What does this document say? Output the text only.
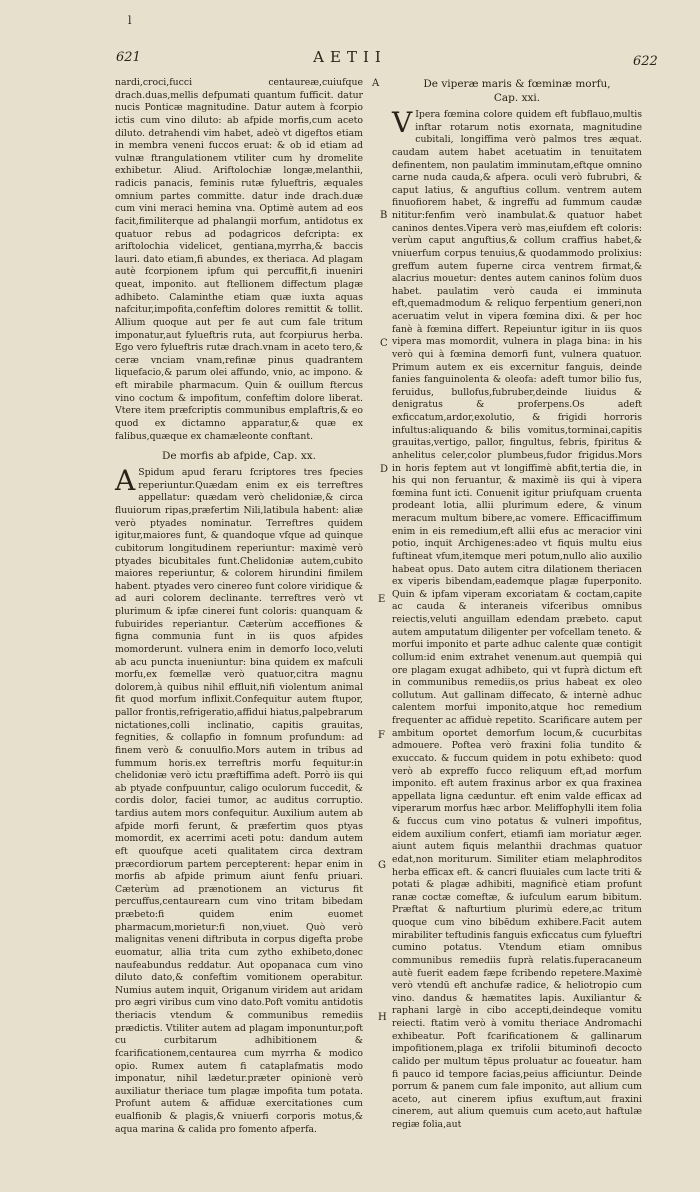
l
621	AETII	622
A
B
C
D
E
F
G
H

nardi,croci,fucci centaureæ,cuiufque drach.duas,mellis defpumati quantum fufficit. datur nucis Ponticæ magnitudine. Datur autem à fcorpio ictis cum vino diluto: ab afpide morfis,cum aceto diluto. detrahendi vim habet, adeò vt digeftos etiam in membra veneni fuccos eruat: & ob id etiam ad vulnæ ftrangulationem vtiliter cum hy dromelite exhibetur. Aliud. Ariftolochiæ longæ,melanthii, radicis panacis, feminis rutæ fylueftris, æquales omnium partes committe. datur inde drach.duæ cum vini meraci hemina vna. Optimè autem ad eos facit,fimiliterque ad phalangii morfum, antidotus ex quatuor rebus ad podagricos defcripta: ex ariftolochia videlicet, gentiana,myrrha,& baccis lauri. dato etiam,fi abundes, ex theriaca. Ad plagam autè fcorpionem ipfum qui percuffit,fi inueniri queat, imponito. aut ftellionem diffectum plagæ adhibeto. Calaminthe etiam quæ iuxta aquas nafcitur,impofita,confeftim dolores remittit & tollit. Allium quoque aut per fe aut cum fale tritum imponatur,aut fylueftris ruta, aut fcorpiurus herba. Ego vero fylueftris rutæ drach.vnam in aceto tero,& ceræ vnciam vnam,refinæ pinus quadrantem liquefacio,& parum olei affundo, vnio, ac impono. & eft mirabile pharmacum. Quin & ouillum ftercus vino coctum & impofitum, confeftim dolore liberat. Vtere item præfcriptis communibus emplaftris,& eo quod ex dictamno apparatur,& quæ ex falibus,quæque ex chamæleonte conftant.

De morfis ab afpide, Cap. xx.

A Spidum apud feraru fcriptores tres fpecies reperiuntur.Quædam enim ex eis terreftres appellatur: quædam verò chelidoniæ,& circa fluuiorum ripas,præfertim Nili,latibula habent: aliæ verò ptyades nominatur. Terreftres quidem igitur,maiores funt, & quandoque vfque ad quinque cubitorum longitudinem reperiuntur: maximè verò ptyades bicubitales funt.Chelidoniæ autem,cubito maiores reperiuntur, & colorem hirundini fimilem habent. ptyades vero cinereo funt colore viridique & ad auri colorem declinante. terreftres verò vt plurimum & ipfæ cinerei funt coloris: quanquam & fubuirides reperiantur. Cæterùm acceffiones & figna communia funt in iis quos afpides momorderunt. vulnera enim in demorfo loco,veluti ab acu puncta inueniuntur: bina quidem ex mafculi morfu,ex fœmellæ verò quatuor,citra magnu dolorem,à quibus nihil effluit,nifi violentum animal fit quod morfum inflixit.Confequitur autem ftupor, pallor frontis,refrigeratio,affidui hiatus,palpebrarum nictationes,colli inclinatio, capitis grauitas, fegnities, & collapfio in fomnum profundum: ad finem verò & conuulfio.Mors autem in tribus ad fummum horis.ex terreftris morfu fequitur:in chelidoniæ verò ictu præftiffima adeft. Porrò iis qui ab ptyade confpuuntur, caligo oculorum fuccedit, & cordis dolor, faciei tumor, ac auditus corruptio. tardius autem mors confequitur. Auxilium autem ab afpide morfi ferunt, & præfertim quos ptyas momordit, ex acerrimi aceti potu: dandum autem eft quoufque aceti qualitatem circa dextram præcordiorum partem percepterent: hepar enim in morfis ab afpide primum aiunt fenfu priuari. Cæterùm ad prænotionem an victurus fit percuffus,centaurearn cum vino tritam bibedam præbeto:fi quidem enim euomet pharmacum,morietur:fi non,viuet. Quò verò malignitas veneni diftributa in corpus digefta probe euomatur, allia trita cum zytho exhibeto,donec naufeabundus reddatur. Aut opopanaca cum vino diluto dato,& confeftim vomitionem operabitur. Numius autem inquit, Origanum viridem aut aridam pro ægri viribus cum vino dato.Poft vomitu antidotis theriacis vtendum & communibus remediis prædictis. Vtiliter autem ad plagam imponuntur,poft cu curbitarum adhibitionem & fcarificationem,centaurea cum myrrha & modico opio. Rumex autem fi cataplafmatis modo imponatur, nihil lædetur.præter opinionè verò auxiliatur theriace tum plagæ impofita tum potata. Profunt autem & affiduæ exercitationes cum eualfionib & plagis,& vniuerfi corporis motus,& aqua marina & calida pro fomento afperfa.

De viperæ maris & fœminæ morfu,
Cap. xxi.

V Ipera fœmina colore quidem eft fubflauo,multis inftar rotarum notis exornata, magnitudine cubitali, longiffima verò palmos tres æquat. caudam autem habet acetuatim in tenuitatem definentem, non paulatim imminutam,eftque omnino carne nuda cauda,& afpera. oculi verò fubrubri, & caput latius, & anguftius collum. ventrem autem finuofiorem habet, & ingreffu ad fummum caudæ nititur:fenfim verò inambulat.& quatuor habet caninos dentes.Vipera verò mas,eiufdem eft coloris: verùm caput anguftius,& collum craffius habet,& vniuerfum corpus tenuius,& quodammodo prolixius: greffum autem fuperne circa ventrem firmat,& alacrius mouetur: dentes autem caninos folùm duos habet. paulatim verò cauda ei imminuta eft,quemadmodum & reliquo ferpentium generi,non aceruatim velut in vipera fœmina dixi. & per hoc fanè à fœmina differt. Repeiuntur igitur in iis quos vipera mas momordit, vulnera in plaga bina: in his verò qui à fœmina demorfi funt, vulnera quatuor. Primum autem ex eis excernitur fanguis, deinde fanies fanguinolenta & oleofa: adeft tumor bilio fus, feruidus, bullofus,fubruber,deinde liuidus & denigratus & proferpens.Os adeft exficcatum,ardor,exolutio, & frigidi horroris infultus:aliquando & bilis vomitus,torminai,capitis grauitas,vertigo, pallor, fingultus, febris, fpiritus & anhelitus celer,color plumbeus,fudor frigidus.Mors in horis feptem aut vt longiffimè abfit,tertia die, in his qui non feruantur, & maximè iis qui à vipera fœmina funt icti. Conuenit igitur priufquam cruenta prodeant lotia, allii plurimum edere, & vinum meracum multum bibere,ac vomere. Efficaciffimum enim in eis remedium,eft allii efus ac meracior vini potio, inquit Archigenes:adeo vt fiquis multu eius fuftineat vfum,itemque meri potum,nullo alio auxilio habeat opus. Dato autem citra dilationem theriacen ex viperis bibendam,eademque plagæ fuperponito. Quin & ipfam viperam excoriatam & coctam,capite ac cauda & interaneis vifceribus omnibus reiectis,veluti anguillam edendam præbeto. caput autem amputatum diligenter per vofcellam teneto. & morfui imponito et parte adhuc calente quæ contigit collum:id enim extrahet venenum.aut quempiā qui ore plagam exugat adhibeto, qui vt fuprà dictum eft in communibus remediis,os prius habeat ex oleo collutum. Aut gallinam diffecato, & internè adhuc calentem morfui imponito,atque hoc remedium frequenter ac affiduè repetito. Scarificare autem per ambitum oportet demorfum locum,& cucurbitas admouere. Poftea verò fraxini folia tundito & exuccato. & fuccum quidem in potu exhibeto: quod verò ab expreffo fucco reliquum eft,ad morfum imponito. eft autem fraxinus arbor ex qua fraxinea appellata ligna cæduntur. eft enim valde efficax ad viperarum morfus hæc arbor. Meliffophylli item folia & fuccus cum vino potatus & vulneri impofitus, eidem auxilium confert, etiamfi iam moriatur æger. aiunt autem fiquis melanthii drachmas quatuor edat,non moriturum. Similiter etiam melaphroditos herba efficax eft. & cancri fluuiales cum lacte triti & potati & plagæ adhibiti, magnificè etiam profunt ranæ coctæ comeftæ, & iufculum earum bibitum. Præftat & nafturtium plurimù edere,ac tritum quoque cum vino bibēdum exhibere.Facit autem mirabiliter teftudinis fanguis exficcatus cum fylueftri cumino potatus. Vtendum etiam omnibus communibus remediis fuprà relatis.fuperacaneum autè fuerit eadem fæpe fcribendo repetere.Maximè verò vtendū eft anchufæ radice, & heliotropio cum vino. dandus & hæmatites lapis. Auxiliantur & raphani largè in cibo accepti,deindeque vomitu reiecti. ftatim verò à vomitu theriace Andromachi exhibeatur. Poft fcarificationem & gallinarum impofitionem,plaga ex trifolii bituminofi decocto calido per multum tēpus proluatur ac foueatur. ham fi pauco id tempore facias,peius afficiuntur. Deinde porrum & panem cum fale imponito, aut allium cum aceto, aut cinerem ipfius exuftum,aut fraxini cinerem, aut alium quemuis cum aceto,aut haftulæ regiæ folia,aut
